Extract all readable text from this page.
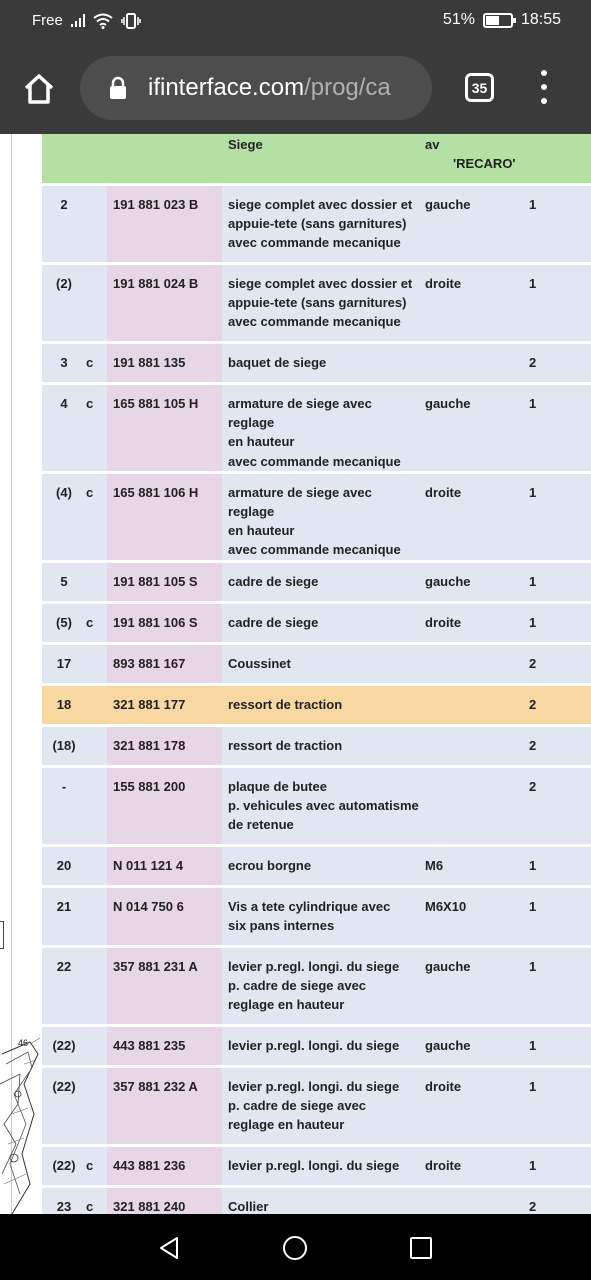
Free	51%	18:55
ifinterface.com/prog/ca	35
46
			Siege	av
'RECARO'	

2		191 881 023 B	siege complet avec dossier et
appuie-tete (sans garnitures)
avec commande mecanique	gauche	1
(2)		191 881 024 B	siege complet avec dossier et
appuie-tete (sans garnitures)
avec commande mecanique	droite	1
3	c	191 881 135	baquet de siege		2
4	c	165 881 105 H	armature de siege avec reglage
en hauteur
avec commande mecanique	gauche	1
(4)	c	165 881 106 H	armature de siege avec reglage
en hauteur
avec commande mecanique	droite	1
5		191 881 105 S	cadre de siege	gauche	1
(5)	c	191 881 106 S	cadre de siege	droite	1
17		893 881 167	Coussinet		2
18		321 881 177	ressort de traction		2
(18)		321 881 178	ressort de traction		2
-		155 881 200	plaque de butee
p. vehicules avec automatisme
de retenue		2
20		N 011 121 4	ecrou borgne	M6	1
21		N 014 750 6	Vis a tete cylindrique avec
six pans internes	M6X10	1
22		357 881 231 A	levier p.regl. longi. du siege
p. cadre de siege avec
reglage en hauteur	gauche	1
(22)		443 881 235	levier p.regl. longi. du siege	gauche	1
(22)		357 881 232 A	levier p.regl. longi. du siege
p. cadre de siege avec
reglage en hauteur	droite	1
(22)	c	443 881 236	levier p.regl. longi. du siege	droite	1
23	c	321 881 240	Collier		2
